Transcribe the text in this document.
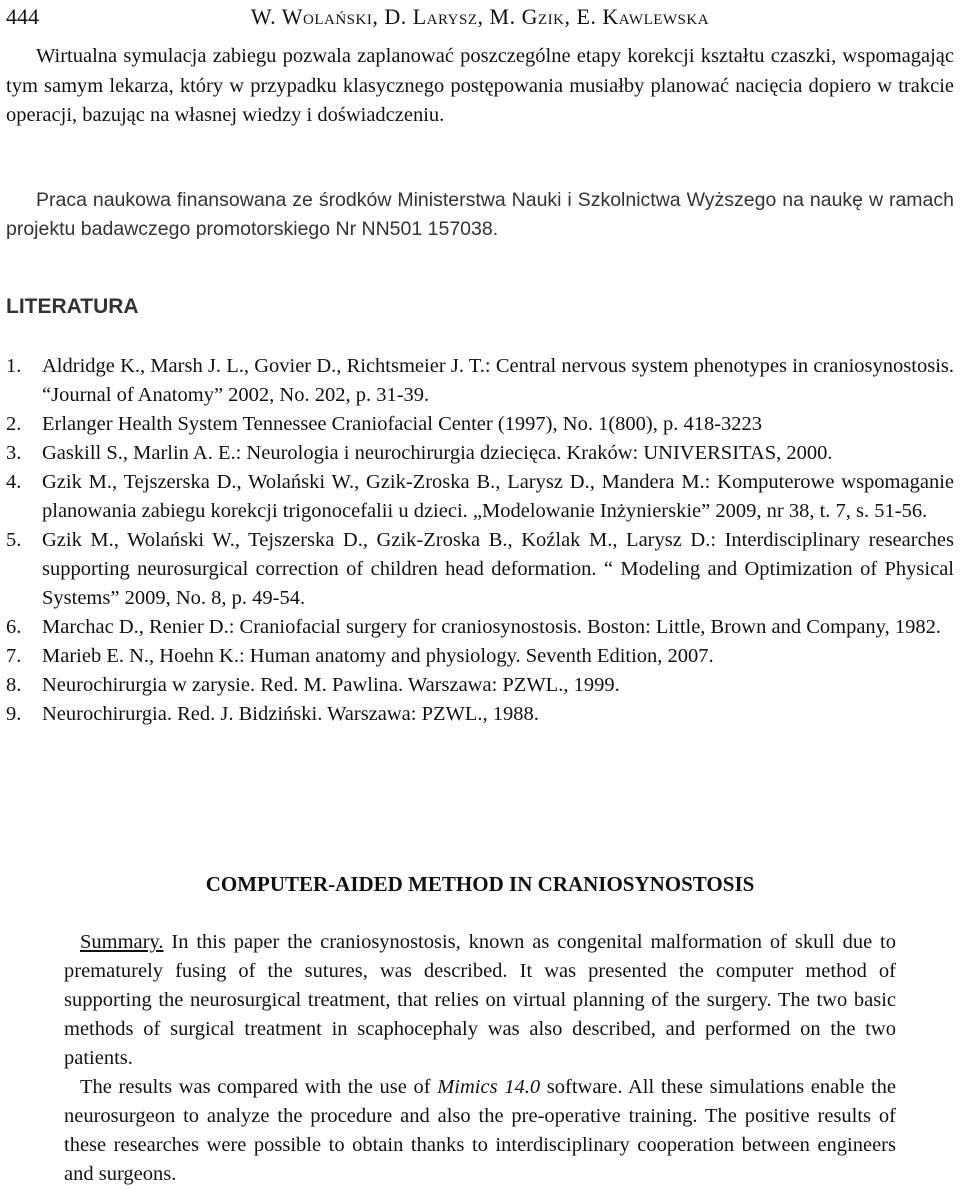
444	W. Wolański, D. Larysz, M. Gzik, E. Kawlewska

Wirtualna symulacja zabiegu pozwala zaplanować poszczególne etapy korekcji kształtu czaszki, wspomagając tym samym lekarza, który w przypadku klasycznego postępowania musiałby planować nacięcia dopiero w trakcie operacji, bazując na własnej wiedzy i doświadczeniu.

Praca naukowa finansowana ze środków Ministerstwa Nauki i Szkolnictwa Wyższego na naukę w ramach projektu badawczego promotorskiego Nr NN501 157038.

LITERATURA
1. Aldridge K., Marsh J. L., Govier D., Richtsmeier J. T.: Central nervous system phenotypes in craniosynostosis. “Journal of Anatomy” 2002, No. 202, p. 31-39.
2. Erlanger Health System Tennessee Craniofacial Center (1997), No. 1(800), p. 418-3223
3. Gaskill S., Marlin A. E.: Neurologia i neurochirurgia dziecięca. Kraków: UNIVERSITAS, 2000.
4. Gzik M., Tejszerska D., Wolański W., Gzik-Zroska B., Larysz D., Mandera M.: Komputerowe wspomaganie planowania zabiegu korekcji trigonocefalii u dzieci. „Modelowanie Inżynierskie” 2009, nr 38, t. 7, s. 51-56.
5. Gzik M., Wolański W., Tejszerska D., Gzik-Zroska B., Koźlak M., Larysz D.: Interdisciplinary researches supporting neurosurgical correction of children head deformation. “ Modeling and Optimization of Physical Systems” 2009, No. 8, p. 49-54.
6. Marchac D., Renier D.: Craniofacial surgery for craniosynostosis. Boston: Little, Brown and Company, 1982.
7. Marieb E. N., Hoehn K.: Human anatomy and physiology. Seventh Edition, 2007.
8. Neurochirurgia w zarysie. Red. M. Pawlina. Warszawa: PZWL., 1999.
9. Neurochirurgia. Red. J. Bidziński. Warszawa: PZWL., 1988.
COMPUTER-AIDED METHOD IN CRANIOSYNOSTOSIS

Summary. In this paper the craniosynostosis, known as congenital malformation of skull due to prematurely fusing of the sutures, was described. It was presented the computer method of supporting the neurosurgical treatment, that relies on virtual planning of the surgery. The two basic methods of surgical treatment in scaphocephaly was also described, and performed on the two patients.

The results was compared with the use of Mimics 14.0 software. All these simulations enable the neurosurgeon to analyze the procedure and also the pre-operative training. The positive results of these researches were possible to obtain thanks to interdisciplinary cooperation between engineers and surgeons.
